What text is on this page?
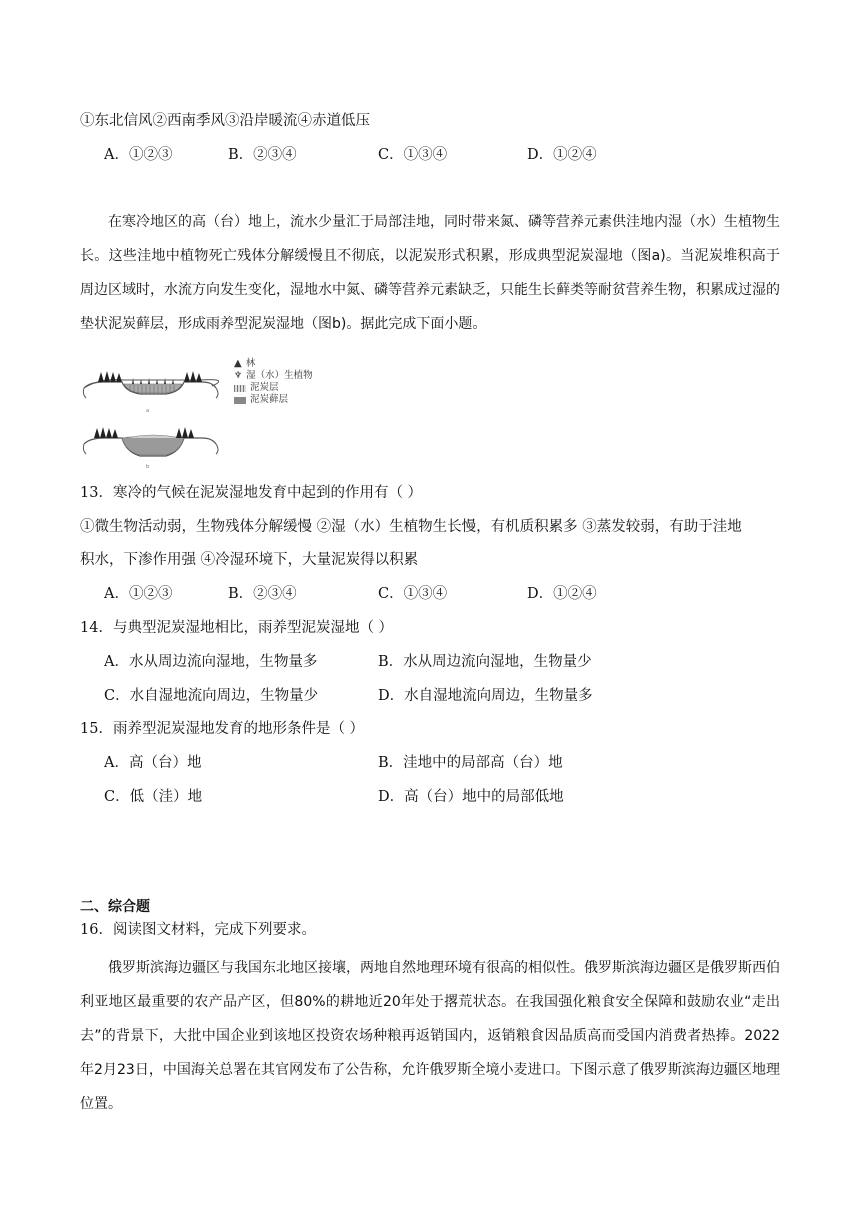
①东北信风②西南季风③沿岸暖流④赤道低压
A．①②③	B．②③④	C．①③④	D．①②④
在寒冷地区的高（台）地上，流水少量汇于局部洼地，同时带来氮、磷等营养元素供洼地内湿（水）生植物生长。这些洼地中植物死亡残体分解缓慢且不彻底，以泥炭形式积累，形成典型泥炭湿地（图a)。当泥炭堆积高于周边区域时，水流方向发生变化，湿地水中氮、磷等营养元素缺乏，只能生长藓类等耐贫营养生物，积累成过湿的垫状泥炭藓层，形成雨养型泥炭湿地（图b)。据此完成下面小题。
a
b
▲ 林
♆ 湿（水）生植物
泥炭层
泥炭藓层
13．寒冷的气候在泥炭湿地发育中起到的作用有（ ）
①微生物活动弱，生物残体分解缓慢 ②湿（水）生植物生长慢，有机质积累多 ③蒸发较弱，有助于洼地
积水，下渗作用强 ④冷湿环境下，大量泥炭得以积累
A．①②③	B．②③④	C．①③④	D．①②④
14．与典型泥炭湿地相比，雨养型泥炭湿地（ ）
A．水从周边流向湿地，生物量多	B．水从周边流向湿地，生物量少
C．水自湿地流向周边，生物量少	D．水自湿地流向周边，生物量多
15．雨养型泥炭湿地发育的地形条件是（ ）
A．高（台）地	B．洼地中的局部高（台）地
C．低（洼）地	D．高（台）地中的局部低地
二、综合题
16．阅读图文材料，完成下列要求。
俄罗斯滨海边疆区与我国东北地区接壤，两地自然地理环境有很高的相似性。俄罗斯滨海边疆区是俄罗斯西伯利亚地区最重要的农产品产区，但80%的耕地近20年处于撂荒状态。在我国强化粮食安全保障和鼓励农业“走出去”的背景下，大批中国企业到该地区投资农场种粮再返销国内，返销粮食因品质高而受国内消费者热捧。2022年2月23日，中国海关总署在其官网发布了公告称，允许俄罗斯全境小麦进口。下图示意了俄罗斯滨海边疆区地理位置。
